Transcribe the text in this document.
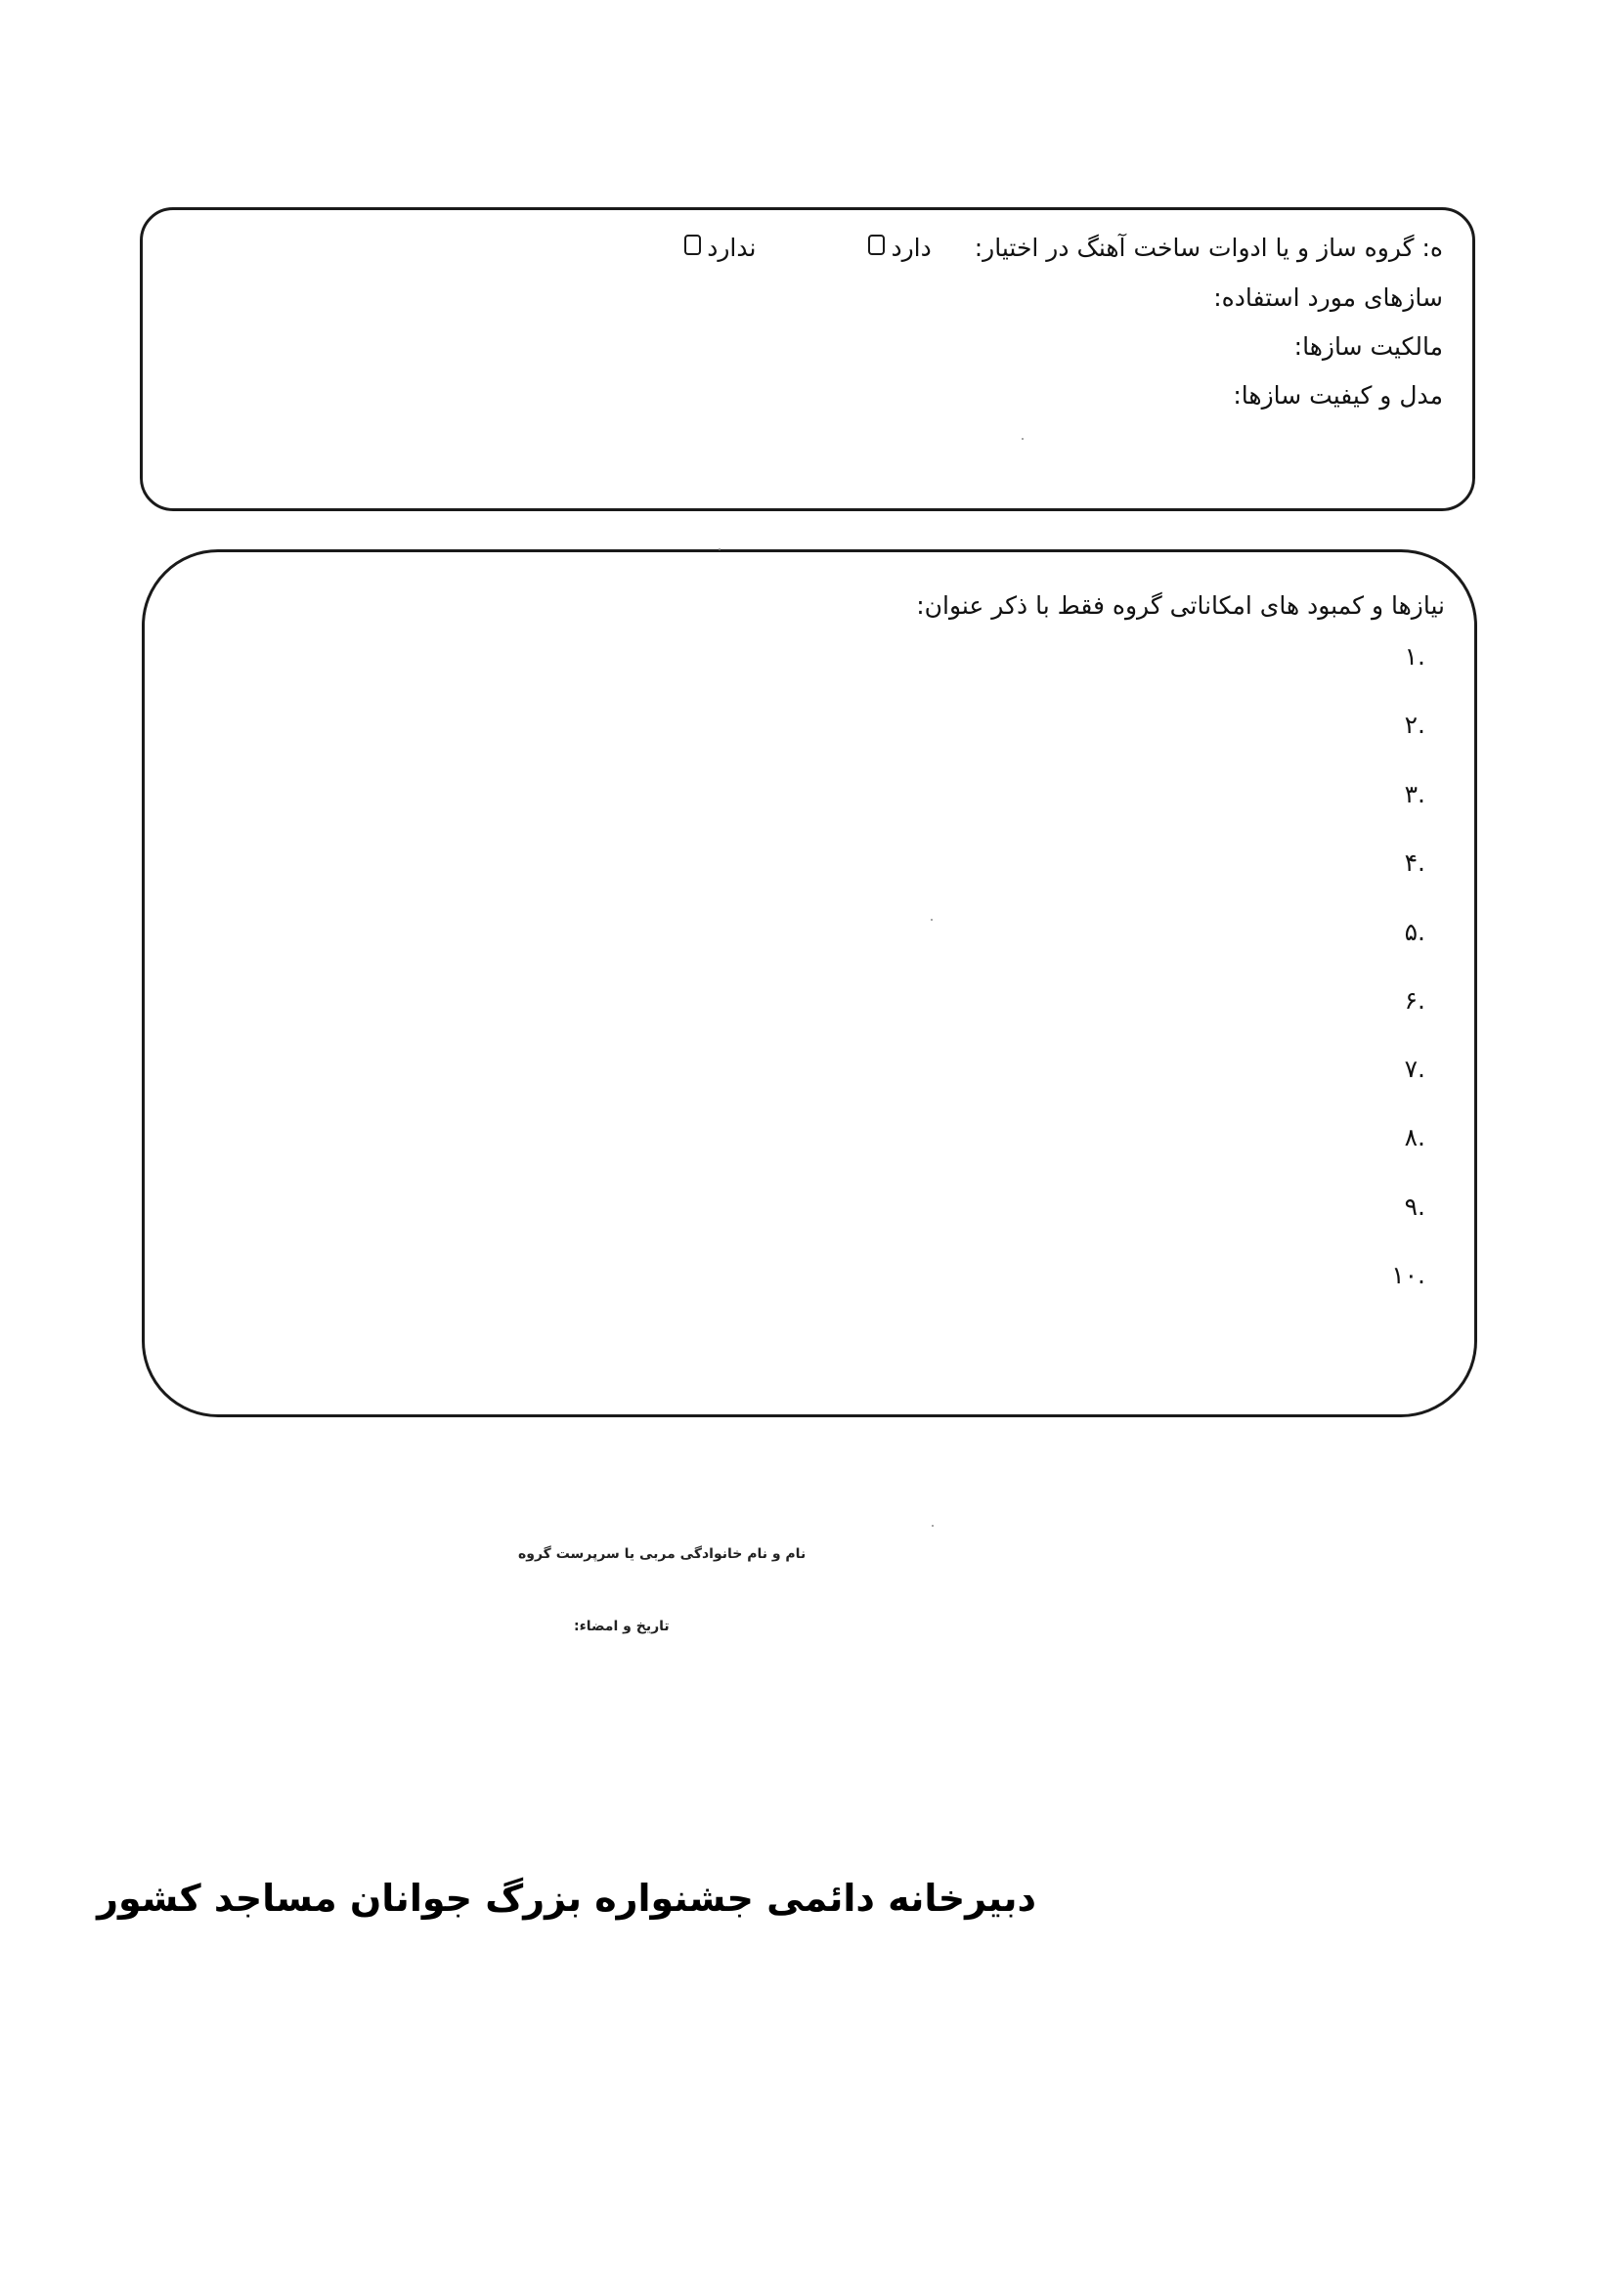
ه: گروه ساز و یا ادوات ساخت آهنگ در اختیار:
دارد
ندارد
سازهای مورد استفاده:
مالکیت سازها:
مدل و کیفیت سازها:
نیازها و کمبود های امکاناتی گروه فقط با ذکر عنوان:
.۱
.۲
.۳
.۴
.۵
.۶
.۷
.۸
.۹
.۱۰
نام و نام خانوادگی مربی یا سرپرست گروه
تاریخ و امضاء:
دبیرخانه دائمی جشنواره بزرگ جوانان مساجد کشور
